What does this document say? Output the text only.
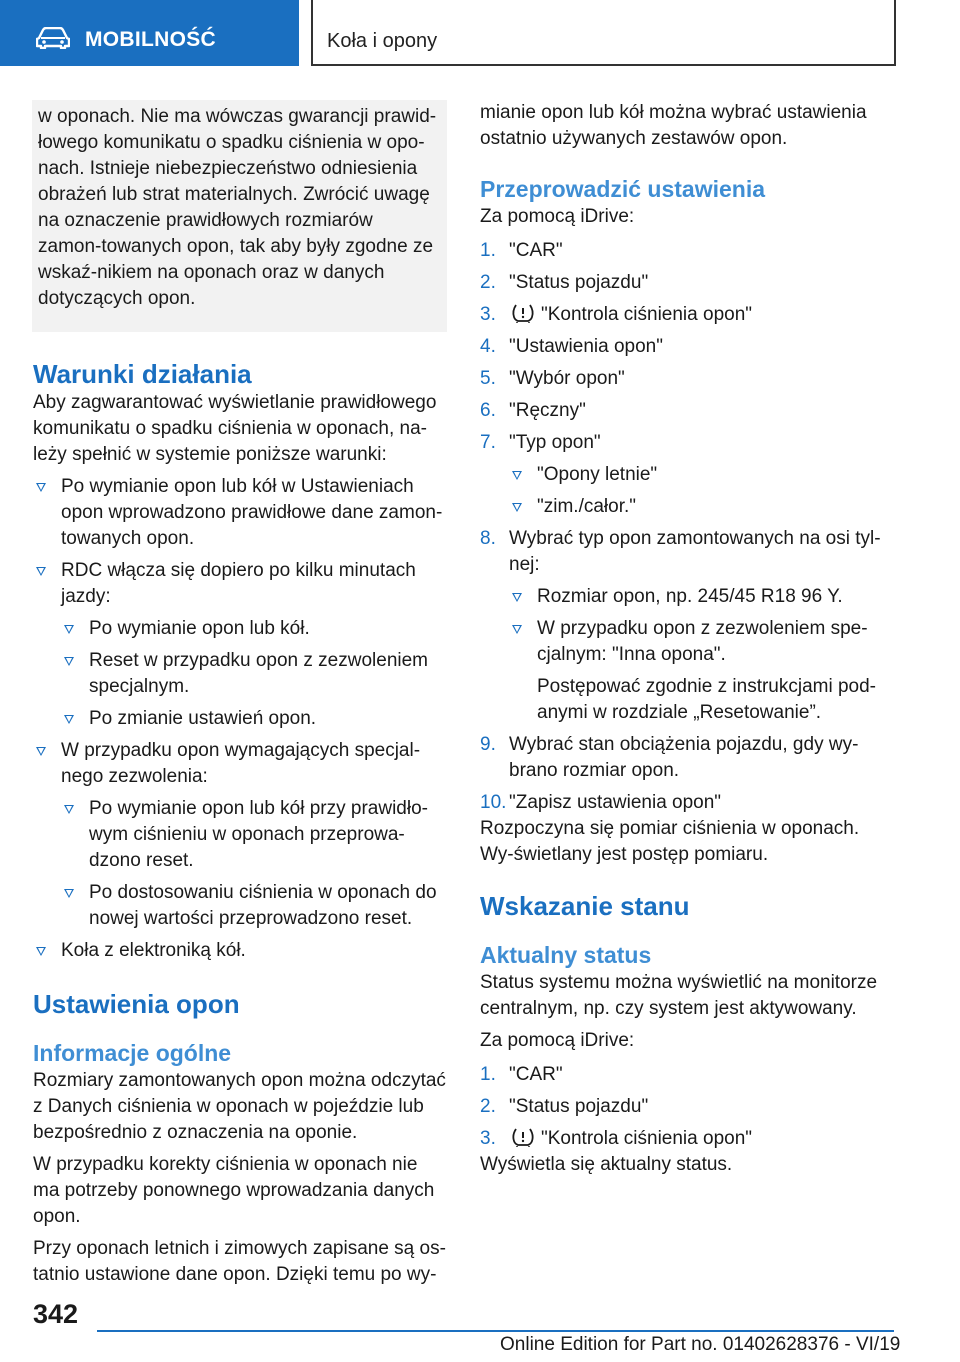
MOBILNOŚĆ	Koła i opony

w oponach. Nie ma wówczas gwarancji prawid-łowego komunikatu o spadku ciśnienia w opo-nach. Istnieje niebezpieczeństwo odniesienia obrażeń lub strat materialnych. Zwrócić uwagę na oznaczenie prawidłowych rozmiarów zamon-towanych opon, tak aby były zgodne ze wskaź-nikiem na oponach oraz w danych dotyczących opon.

Warunki działania

Aby zagwarantować wyświetlanie prawidłowego komunikatu o spadku ciśnienia w oponach, na-leży spełnić w systemie poniższe warunki:

Po wymianie opon lub kół w Ustawieniach opon wprowadzono prawidłowe dane zamon-towanych opon.
RDC włącza się dopiero po kilku minutach jazdy:
Po wymianie opon lub kół.
Reset w przypadku opon z zezwoleniem specjalnym.
Po zmianie ustawień opon.
W przypadku opon wymagających specjal-nego zezwolenia:
Po wymianie opon lub kół przy prawidło-wym ciśnieniu w oponach przeprowa-dzono reset.
Po dostosowaniu ciśnienia w oponach do nowej wartości przeprowadzono reset.
Koła z elektroniką kół.
Ustawienia opon
Informacje ogólne

Rozmiary zamontowanych opon można odczytać z Danych ciśnienia w oponach w pojeździe lub bezpośrednio z oznaczenia na oponie.

W przypadku korekty ciśnienia w oponach nie ma potrzeby ponownego wprowadzania danych opon.

Przy oponach letnich i zimowych zapisane są os-tatnio ustawione dane opon. Dzięki temu po wy-

mianie opon lub kół można wybrać ustawienia ostatnio używanych zestawów opon.

Przeprowadzić ustawienia

Za pomocą iDrive:

1. "CAR"
2. "Status pojazdu"
3. "Kontrola ciśnienia opon"
4. "Ustawienia opon"
5. "Wybór opon"
6. "Ręczny"
7. "Typ opon"
"Opony letnie"
"zim./całor."
8. Wybrać typ opon zamontowanych na osi tyl-nej:
Rozmiar opon, np. 245/45 R18 96 Y.
W przypadku opon z zezwoleniem spe-cjalnym: "Inna opona".

Postępować zgodnie z instrukcjami pod-anymi w rozdziale „Resetowanie”.

9. Wybrać stan obciążenia pojazdu, gdy wy-brano rozmiar opon.
10. "Zapisz ustawienia opon"

Rozpoczyna się pomiar ciśnienia w oponach. Wy-świetlany jest postęp pomiaru.

Wskazanie stanu
Aktualny status

Status systemu można wyświetlić na monitorze centralnym, np. czy system jest aktywowany.

Za pomocą iDrive:

1. "CAR"
2. "Status pojazdu"
3. "Kontrola ciśnienia opon"

Wyświetla się aktualny status.

342
Online Edition for Part no. 01402628376 - VI/19
